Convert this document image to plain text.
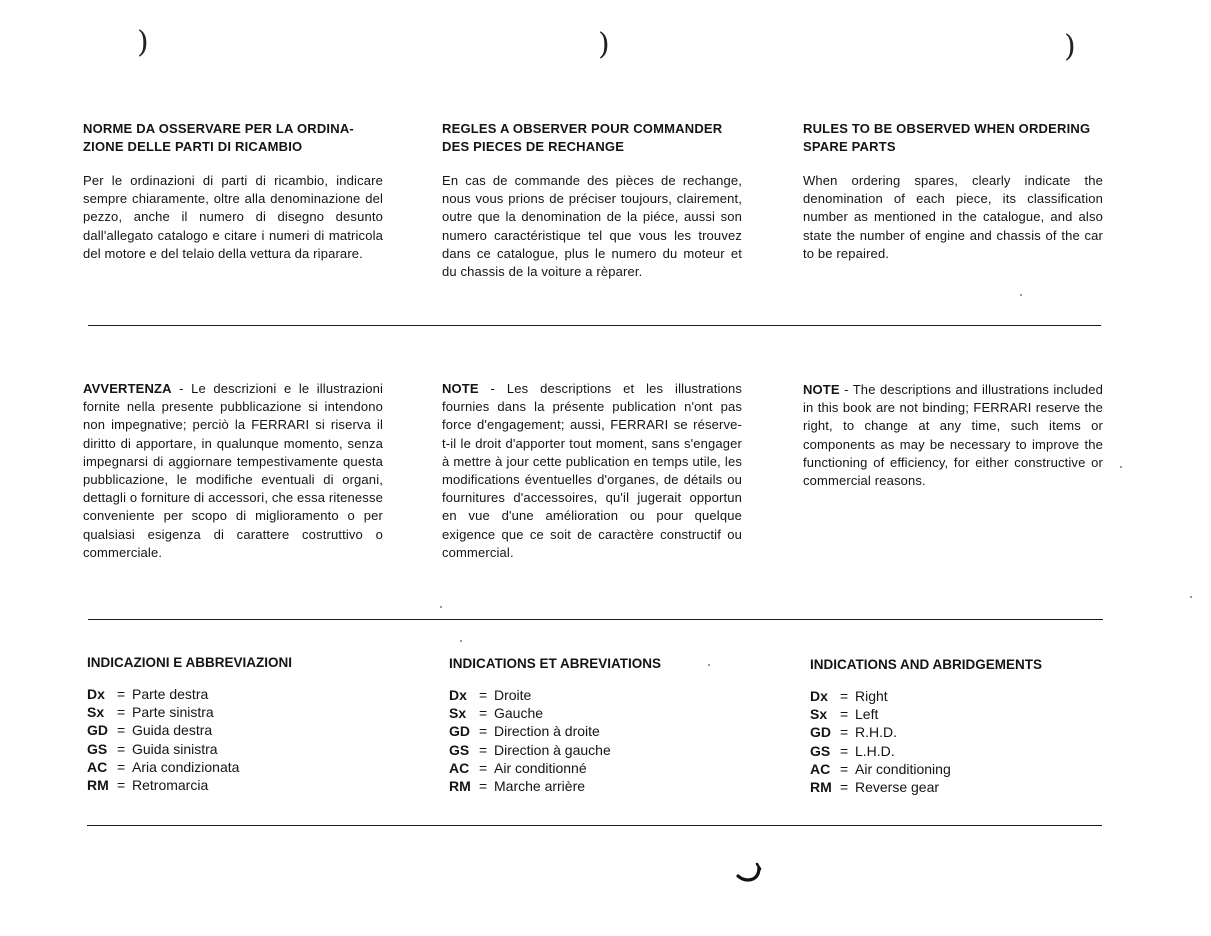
)	)	)

NORME DA OSSERVARE PER LA ORDINA-ZIONE DELLE PARTI DI RICAMBIO

Per le ordinazioni di parti di ricambio, indicare sempre chiaramente, oltre alla denominazione del pezzo, anche il numero di disegno desunto dall'allegato catalogo e citare i numeri di matricola del motore e del telaio della vettura da riparare.

REGLES A OBSERVER POUR COMMANDER DES PIECES DE RECHANGE

En cas de commande des pièces de rechange, nous vous prions de préciser toujours, clairement, outre que la denomination de la piéce, aussi son numero caractéristique tel que vous les trouvez dans ce catalogue, plus le numero du moteur et du chassis de la voiture a rèparer.

RULES TO BE OBSERVED WHEN ORDERING SPARE PARTS

When ordering spares, clearly indicate the denomination of each piece, its classification number as mentioned in the catalogue, and also state the number of engine and chassis of the car to be repaired.

AVVERTENZA - Le descrizioni e le illustrazioni fornite nella presente pubblicazione si intendono non impegnative; perciò la FERRARI si riserva il diritto di apportare, in qualunque momento, senza impegnarsi di aggiornare tempestivamente questa pubblicazione, le modifiche eventuali di organi, dettagli o forniture di accessori, che essa ritenesse conveniente per scopo di miglioramento o per qualsiasi esigenza di carattere costruttivo o commerciale.

NOTE - Les descriptions et les illustrations fournies dans la présente publication n'ont pas force d'engagement; aussi, FERRARI se réserve-t-il le droit d'apporter tout moment, sans s'engager à mettre à jour cette publication en temps utile, les modifications éventuelles d'organes, de détails ou fournitures d'accessoires, qu'il jugerait opportun en vue d'une amélioration ou pour quelque exigence que ce soit de caractère constructif ou commercial.

NOTE - The descriptions and illustrations included in this book are not binding; FERRARI reserve the right, to change at any time, such items or components as may be necessary to improve the functioning of efficiency, for either constructive or commercial reasons.

INDICAZIONI E ABBREVIAZIONI

Dx = Parte destra
Sx = Parte sinistra
GD = Guida destra
GS = Guida sinistra
AC = Aria condizionata
RM = Retromarcia

INDICATIONS ET ABREVIATIONS

Dx = Droite
Sx = Gauche
GD = Direction à droite
GS = Direction à gauche
AC = Air conditionné
RM = Marche arrière

INDICATIONS AND ABRIDGEMENTS

Dx = Right
Sx = Left
GD = R.H.D.
GS = L.H.D.
AC = Air conditioning
RM = Reverse gear
